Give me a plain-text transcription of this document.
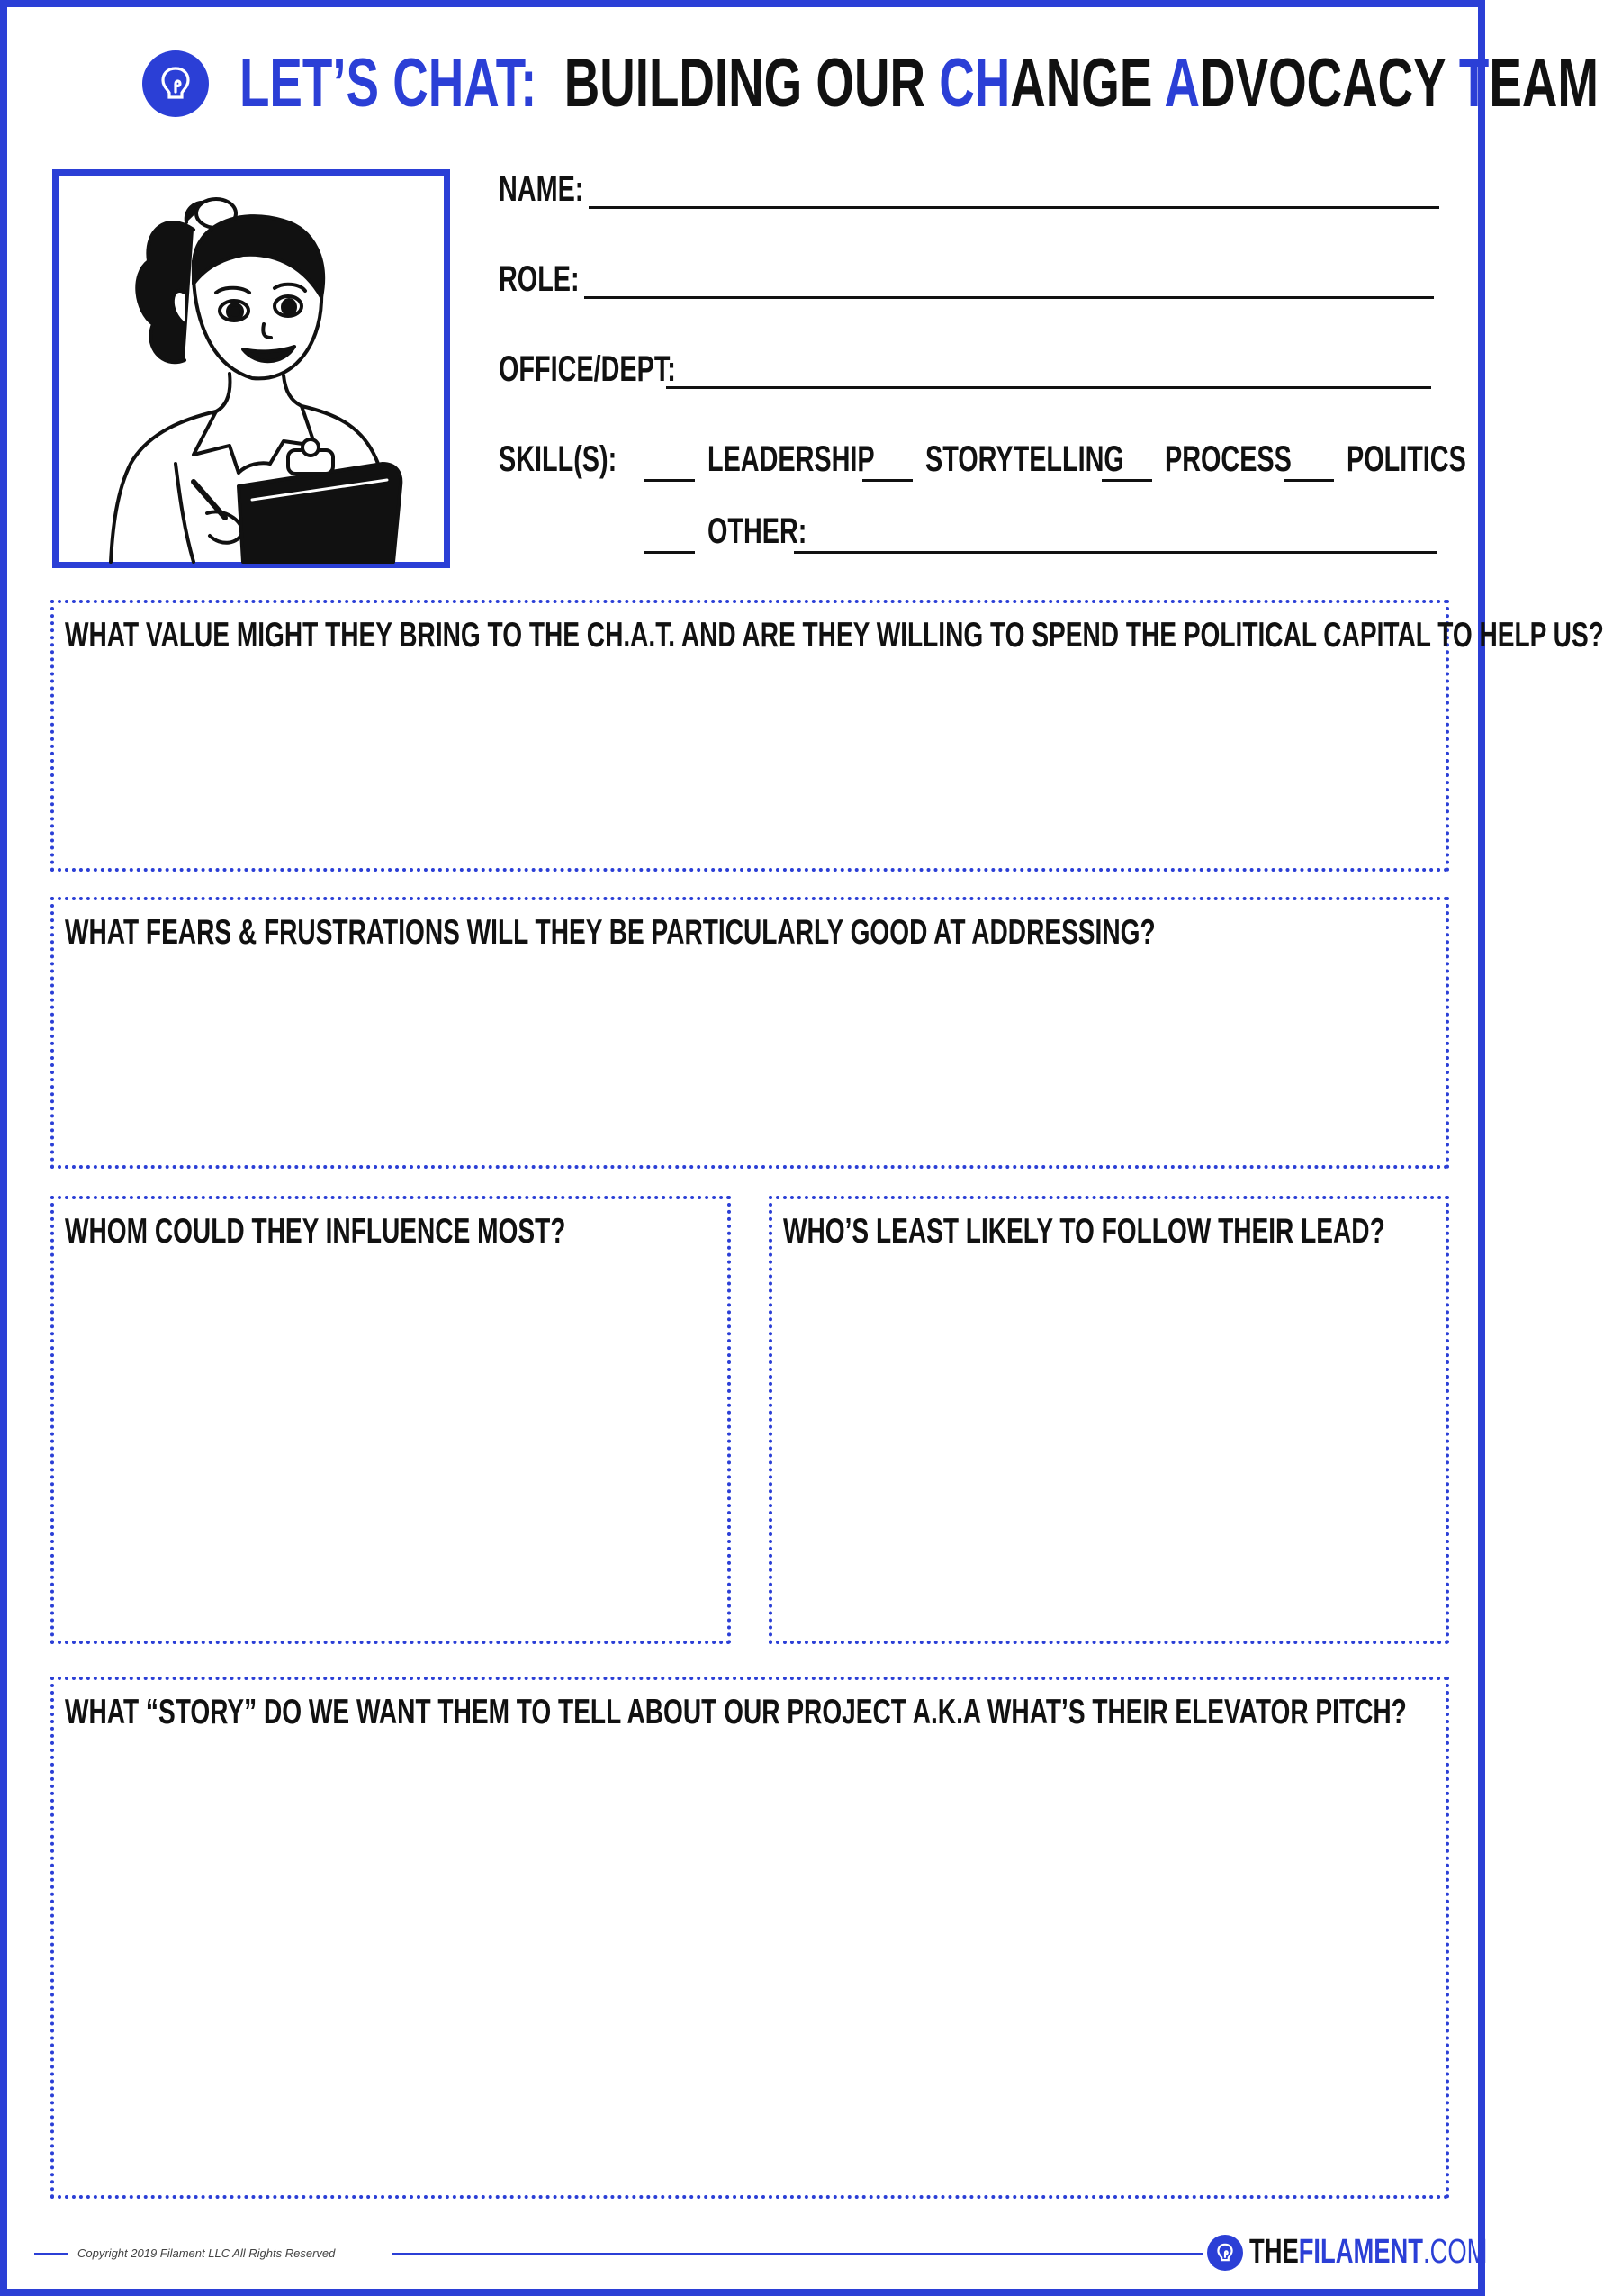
LET’S CHAT: BUILDING OUR CHANGE ADVOCACY TEAM
NAME:
ROLE:
OFFICE/DEPT:
SKILL(S):	LEADERSHIP STORYTELLING PROCESS POLITICS
OTHER:
WHAT VALUE MIGHT THEY BRING TO THE CH.A.T. AND ARE THEY WILLING TO SPEND THE POLITICAL CAPITAL TO HELP US?
WHAT FEARS & FRUSTRATIONS WILL THEY BE PARTICULARLY GOOD AT ADDRESSING?
WHOM COULD THEY INFLUENCE MOST?	WHO’S LEAST LIKELY TO FOLLOW THEIR LEAD?
WHAT “STORY” DO WE WANT THEM TO TELL ABOUT OUR PROJECT A.K.A WHAT’S THEIR ELEVATOR PITCH?
Copyright 2019 Filament LLC All Rights Reserved	THEFILAMENT.COM
